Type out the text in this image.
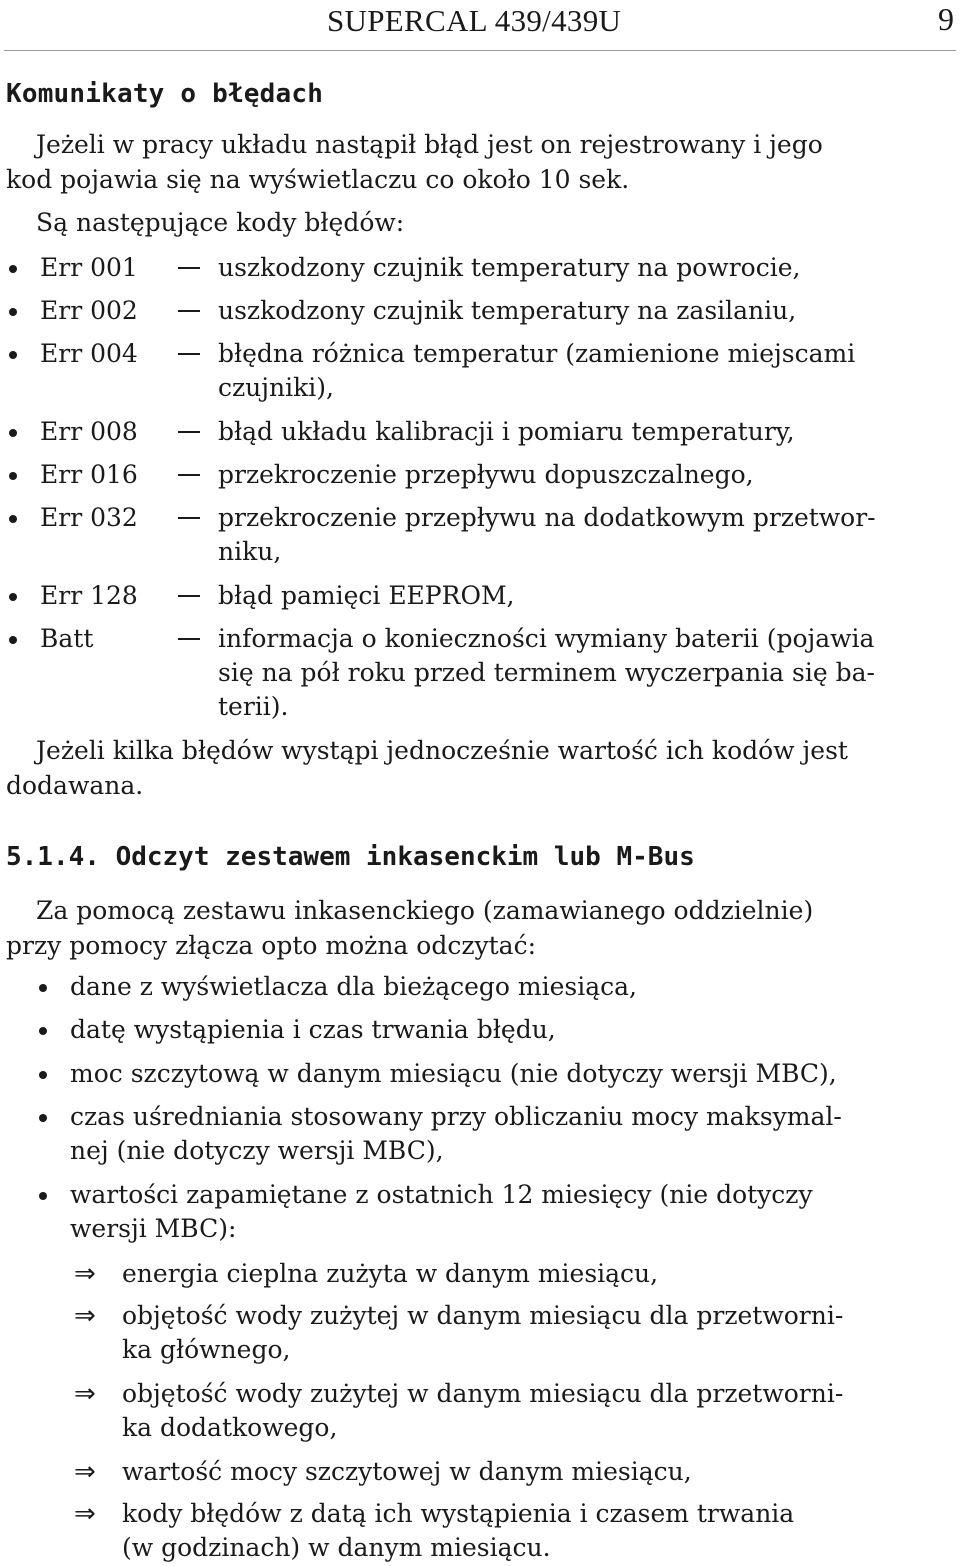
SUPERCAL 439/439U	9
Komunikaty o błędach
Jeżeli w pracy układu nastąpił błąd jest on rejestrowany i jego
kod pojawia się na wyświetlaczu co około 10 sek.
Są następujące kody błędów:
Err 001	uszkodzony czujnik temperatury na powrocie,
Err 002	uszkodzony czujnik temperatury na zasilaniu,
Err 004	błędna różnica temperatur (zamienione miejscami
czujniki),
Err 008	błąd układu kalibracji i pomiaru temperatury,
Err 016	przekroczenie przepływu dopuszczalnego,
Err 032	przekroczenie przepływu na dodatkowym przetwor-
niku,
Err 128	błąd pamięci EEPROM,
Batt	informacja o konieczności wymiany baterii (pojawia
się na pół roku przed terminem wyczerpania się ba-
terii).
Jeżeli kilka błędów wystąpi jednocześnie wartość ich kodów jest
dodawana.
5.1.4. Odczyt zestawem inkasenckim lub M-Bus
Za pomocą zestawu inkasenckiego (zamawianego oddzielnie)
przy pomocy złącza opto można odczytać:
dane z wyświetlacza dla bieżącego miesiąca,
datę wystąpienia i czas trwania błędu,
moc szczytową w danym miesiącu (nie dotyczy wersji MBC),
czas uśredniania stosowany przy obliczaniu mocy maksymal-
nej (nie dotyczy wersji MBC),
wartości zapamiętane z ostatnich 12 miesięcy (nie dotyczy
wersji MBC):
⇒ energia cieplna zużyta w danym miesiącu,
⇒ objętość wody zużytej w danym miesiącu dla przetworni-
ka głównego,
⇒ objętość wody zużytej w danym miesiącu dla przetworni-
ka dodatkowego,
⇒ wartość mocy szczytowej w danym miesiącu,
⇒ kody błędów z datą ich wystąpienia i czasem trwania
(w godzinach) w danym miesiącu.
